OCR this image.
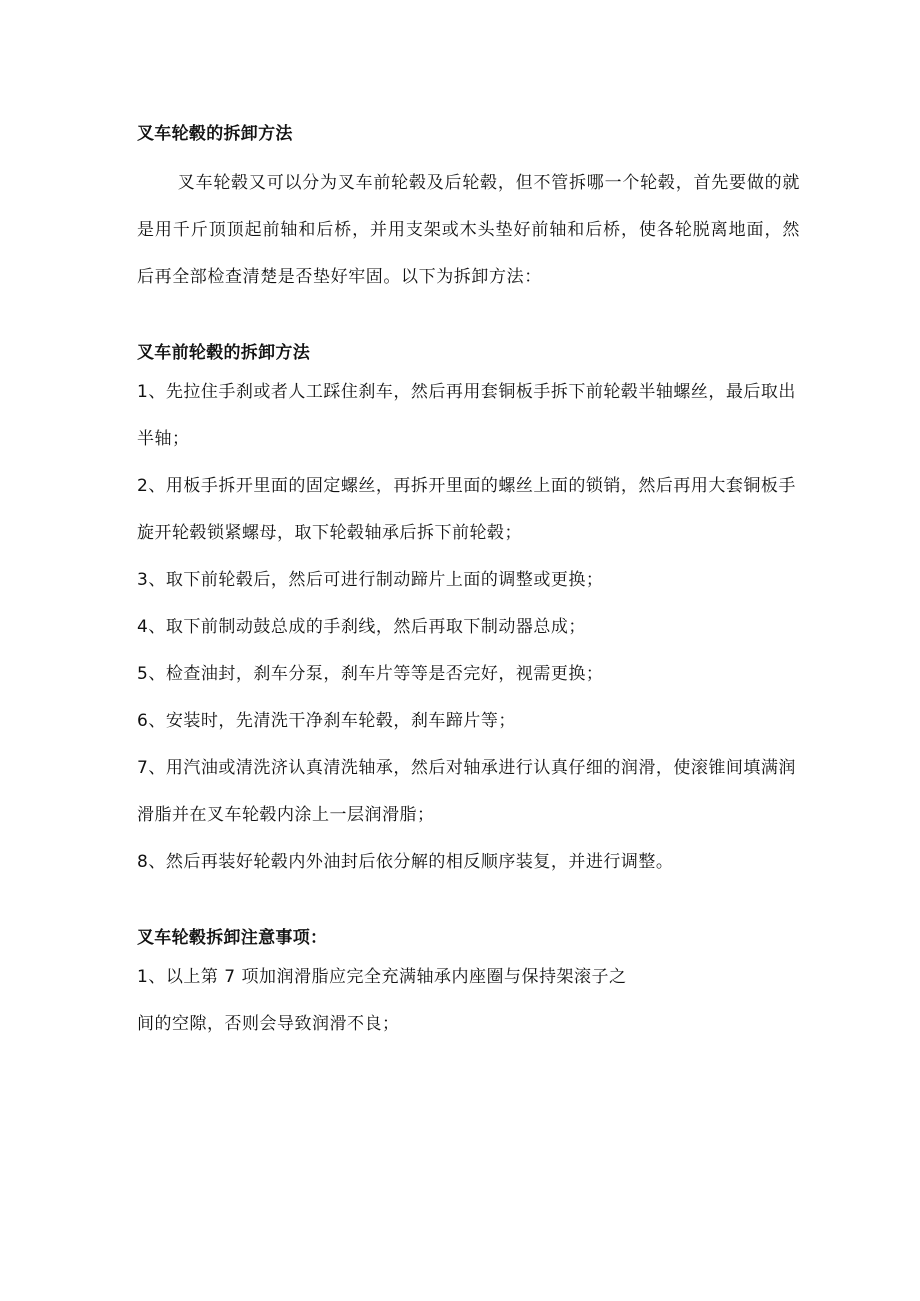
叉车轮毂的拆卸方法

叉车轮毂又可以分为叉车前轮毂及后轮毂，但不管拆哪一个轮毂，首先要做的就是用千斤顶顶起前轴和后桥，并用支架或木头垫好前轴和后桥，使各轮脱离地面，然后再全部检查清楚是否垫好牢固。以下为拆卸方法：

叉车前轮毂的拆卸方法

1、先拉住手刹或者人工踩住刹车，然后再用套铜板手拆下前轮毂半轴螺丝，最后取出半轴；

2、用板手拆开里面的固定螺丝，再拆开里面的螺丝上面的锁销，然后再用大套铜板手旋开轮毂锁紧螺母，取下轮毂轴承后拆下前轮毂；

3、取下前轮毂后，然后可进行制动蹄片上面的调整或更换；

4、取下前制动鼓总成的手刹线，然后再取下制动器总成；

5、检查油封，刹车分泵，刹车片等等是否完好，视需更换；

6、安装时，先清洗干净刹车轮毂，刹车蹄片等；

7、用汽油或清洗济认真清洗轴承，然后对轴承进行认真仔细的润滑，使滚锥间填满润滑脂并在叉车轮毂内涂上一层润滑脂；

8、然后再装好轮毂内外油封后依分解的相反顺序装复，并进行调整。

叉车轮毂拆卸注意事项：

1、以上第 7 项加润滑脂应完全充满轴承内座圈与保持架滚子之间的空隙，否则会导致润滑不良；
